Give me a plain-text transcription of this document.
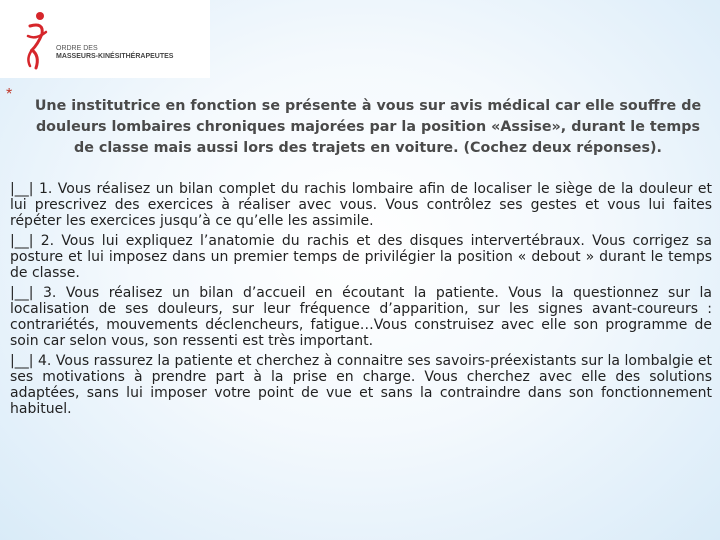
ORDRE DES
MASSEURS-KINÉSITHÉRAPEUTES
*

Une institutrice en fonction se présente à vous sur avis médical car elle souffre de douleurs lombaires chroniques majorées par la position «Assise», durant le temps de classe mais aussi lors des trajets en voiture. (Cochez deux réponses).

|__| 1. Vous réalisez un bilan complet du rachis lombaire afin de localiser le siège de la douleur et lui prescrivez des exercices à réaliser avec vous. Vous contrôlez ses gestes et vous lui faites répéter les exercices jusqu’à ce qu’elle les assimile.

|__| 2. Vous lui expliquez l’anatomie du rachis et des disques intervertébraux. Vous corrigez sa posture et lui imposez dans un premier temps de privilégier la position « debout » durant le temps de classe.

|__| 3. Vous réalisez un bilan d’accueil en écoutant la patiente. Vous la questionnez sur la localisation de ses douleurs, sur leur fréquence d’apparition, sur les signes avant-coureurs : contrariétés, mouvements déclencheurs, fatigue…Vous construisez avec elle son programme de soin car selon vous, son ressenti est très important.

|__| 4. Vous rassurez la patiente et cherchez à connaitre ses savoirs-préexistants sur la lombalgie et ses motivations à prendre part à la prise en charge. Vous cherchez avec elle des solutions adaptées, sans lui imposer votre point de vue et sans la contraindre dans son fonctionnement habituel.
